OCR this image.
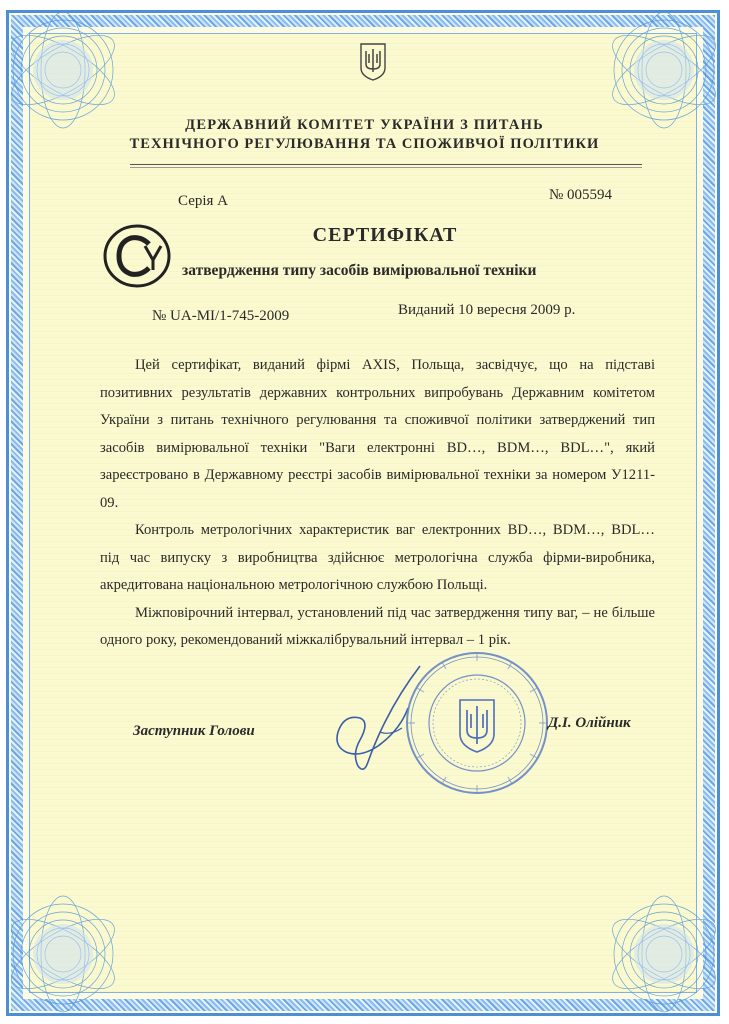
ДЕРЖАВНИЙ КОМІТЕТ УКРАЇНИ З ПИТАНЬ
ТЕХНІЧНОГО РЕГУЛЮВАННЯ ТА СПОЖИВЧОЇ ПОЛІТИКИ
Серія А	№ 005594
СЕРТИФІКАТ
затвердження типу засобів вимірювальної техніки
№ UA-MI/1-745-2009	Виданий 10 вересня 2009 р.

Цей сертифікат, виданий фірмі AXIS, Польща, засвідчує, що на підставі позитивних результатів державних контрольних випробувань Державним комітетом України з питань технічного регулювання та споживчої політики затверджений тип засобів вимірювальної техніки "Ваги електронні BD…, BDM…, BDL…", який зареєстровано в Державному реєстрі засобів вимірювальної техніки за номером У1211-09.

Контроль метрологічних характеристик ваг електронних BD…, BDM…, BDL… під час випуску з виробництва здійснює метрологічна служба фірми-виробника, акредитована національною метрологічною службою Польщі.

Міжповірочний інтервал, установлений під час затвердження типу ваг, – не більше одного року, рекомендований міжкалібрувальний інтервал – 1 рік.

Заступник Голови	Д.І. Олійник
